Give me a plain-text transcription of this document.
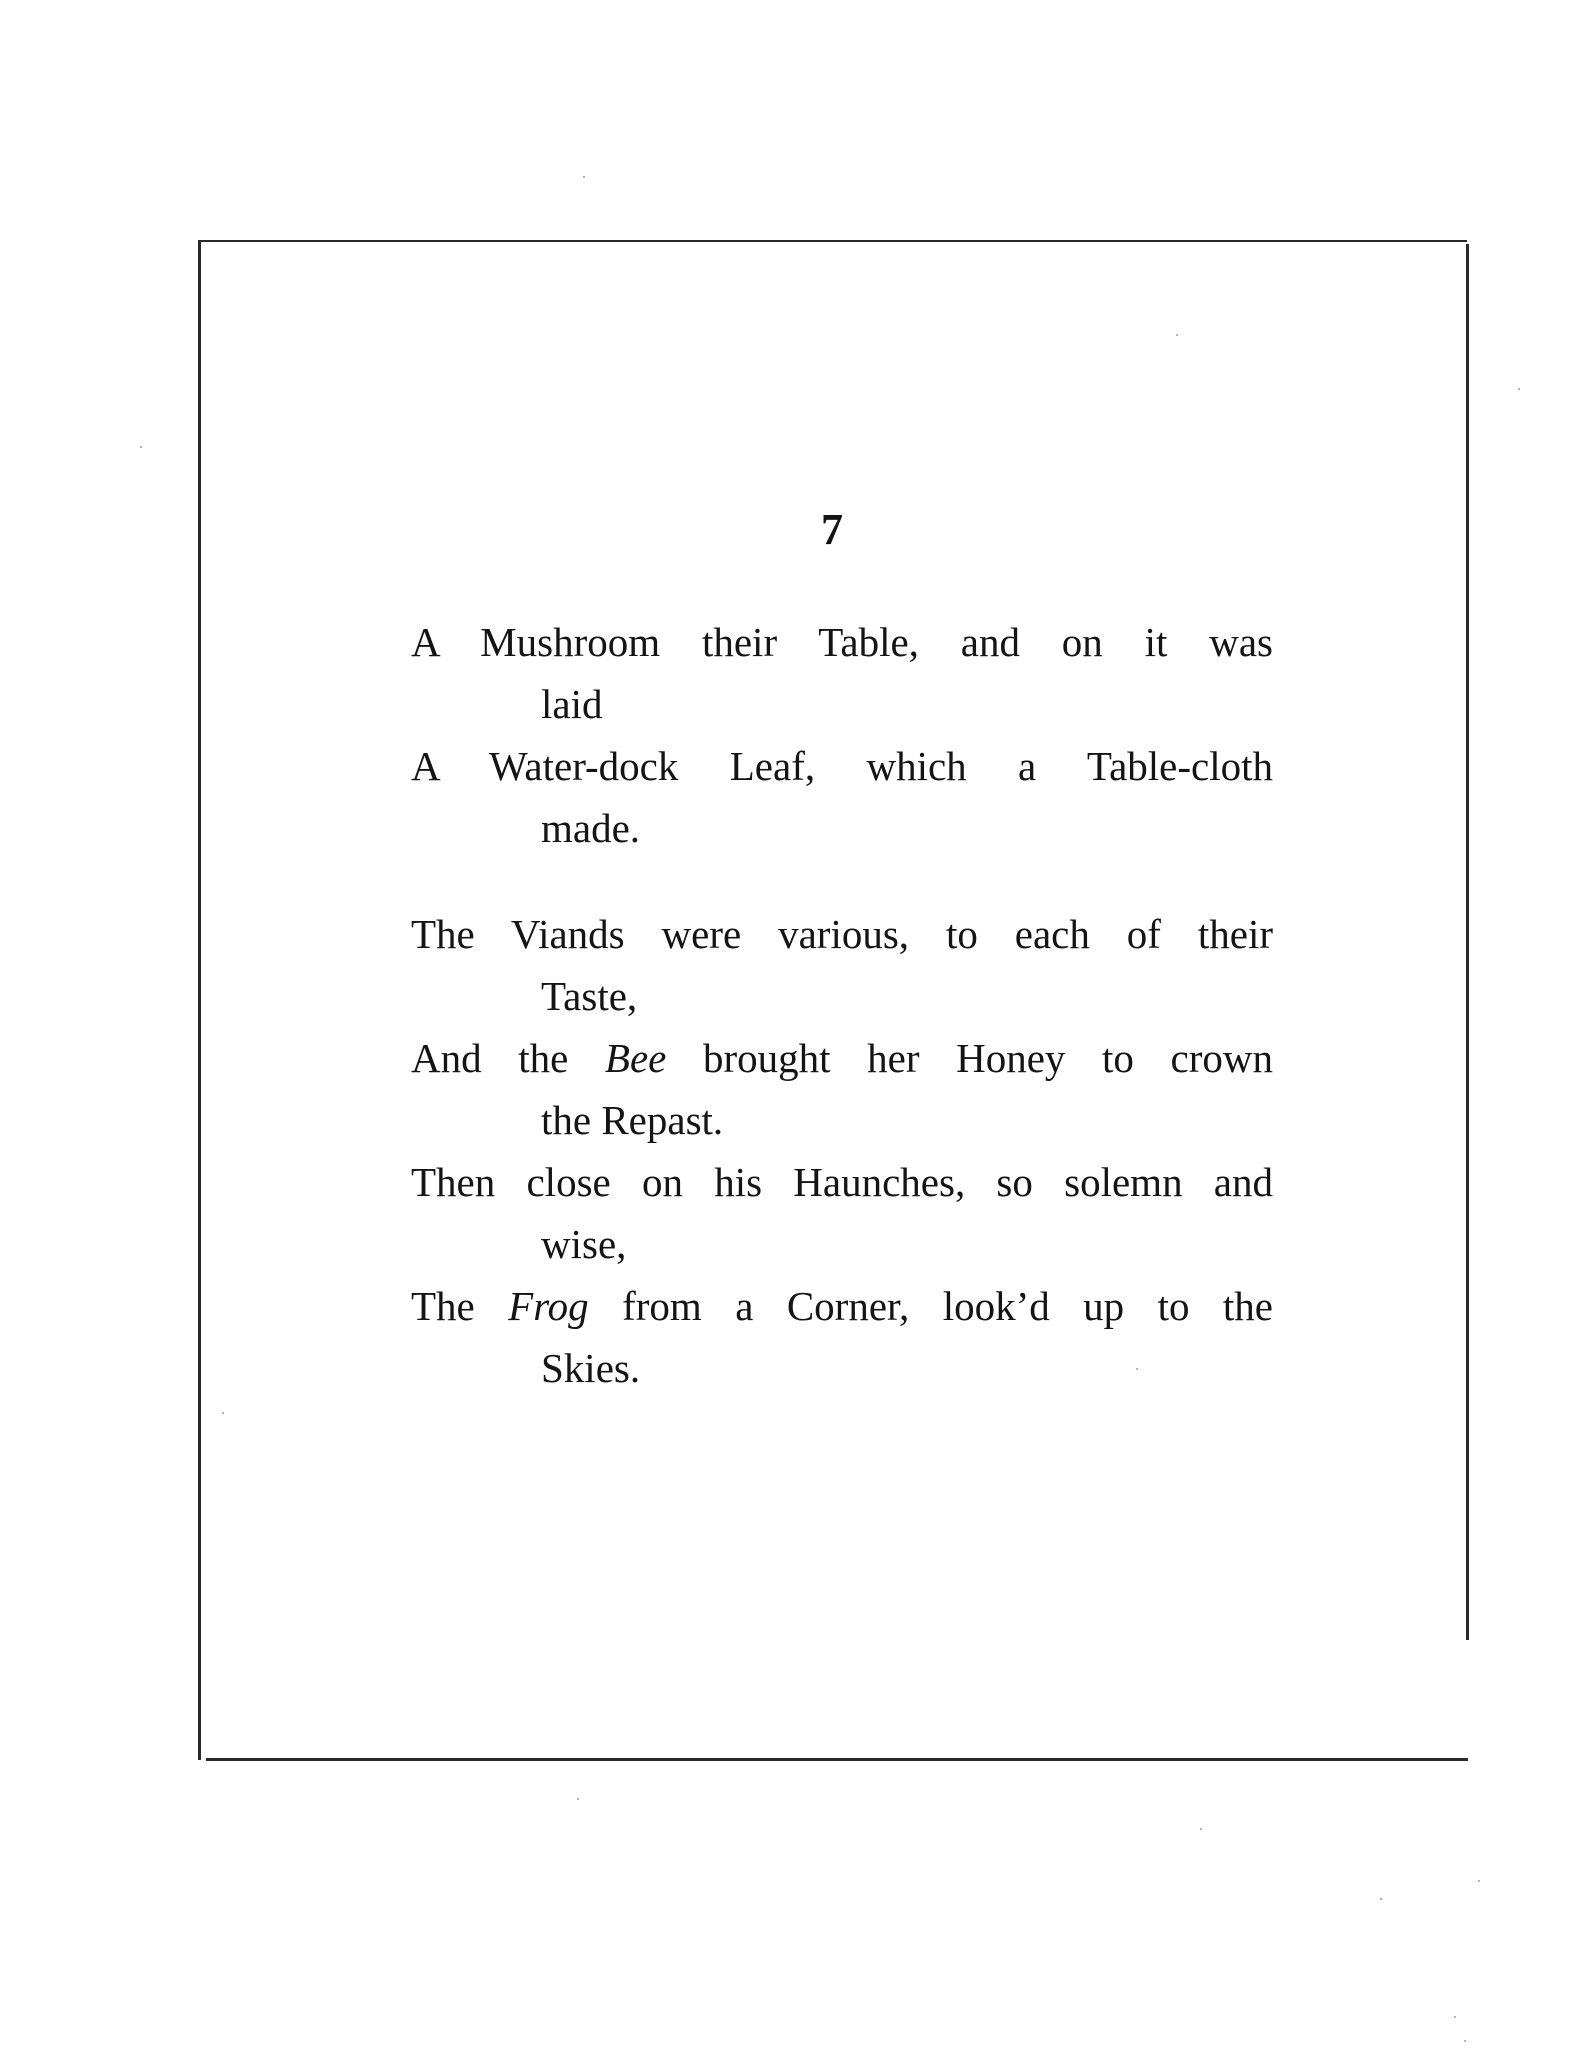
7
A Mushroom their Table, and on it was
laid
A Water-dock Leaf, which a Table-cloth
made.
The Viands were various, to each of their
Taste,
And the Bee brought her Honey to crown
the Repast.
Then close on his Haunches, so solemn and
wise,
The Frog from a Corner, look’d up to the
Skies.
